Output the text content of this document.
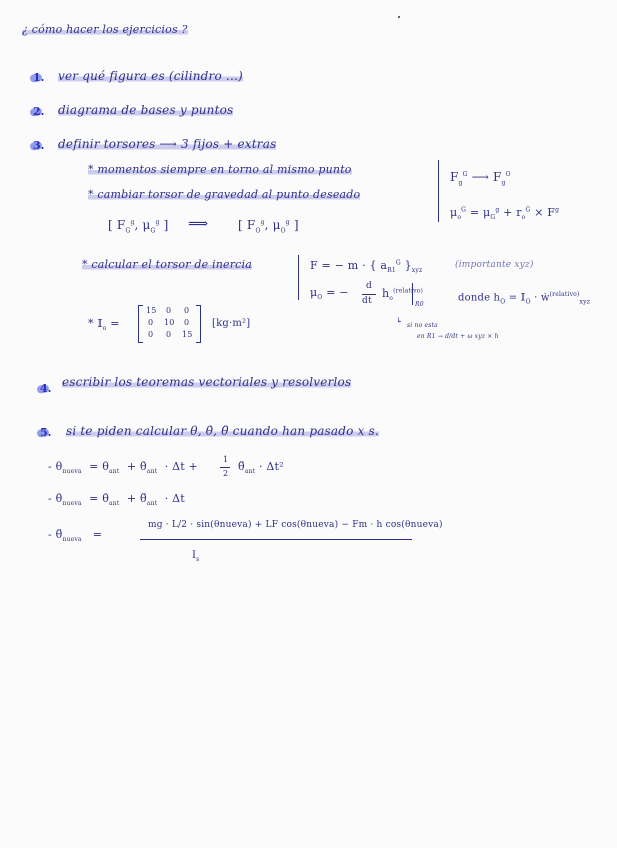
¿ cómo hacer los ejercicios ?
1. ver qué figura es (cilindro ...)
2. diagrama de bases y puntos
3. definir torsores ⟶ 3 fijos + extras
* momentos siempre en torno al mismo punto
* cambiar torsor de gravedad al punto deseado
[ $F_G^g$, $\mu_G^g$ ] ⟹ [ $F_O^g$, $\mu_O^g$ ]
$F_g^G$ ⟶ $F_g^O$
$\mu_o^G = \mu_G^g + r_o^G \times F^g$
* calcular el torsor de inercia	F = − m · { $a_{R1}^G$ }$_{xyz}$
(importante xyz)
$\mu_O$ = − d
dt
$h_o^{(relativo)}$
R0
donde $h_O$ = 𝕀$_O$ · ẇ$^{(relativo)}_{xyz}$
↳
si no esta
en R1 → d/dt + ω xyz × h
* 𝕀$_o$ =
15 0 0
0 10 0
0 0 15
[kg·m²]
4. escribir los teoremas vectoriales y resolverlos
5. si te piden calcular θ, θ̇, θ̈ cuando han pasado x s.
- $\theta_{nueva} = \theta_{ant}$ + $\thetȧ_{ant} \cdot \Delta t$ +
1
2
$\thetä_{ant} \cdot \Delta t^2$
- $\thetȧ_{nueva}$ = $\thetȧ_{ant}$ + $\thetä_{ant} \cdot \Delta t$
- $\thetä_{nueva}$ =
mg · L/2 · sin(θnueva) + LF cos(θnueva) − Fm · h cos(θnueva)
$I_s$
